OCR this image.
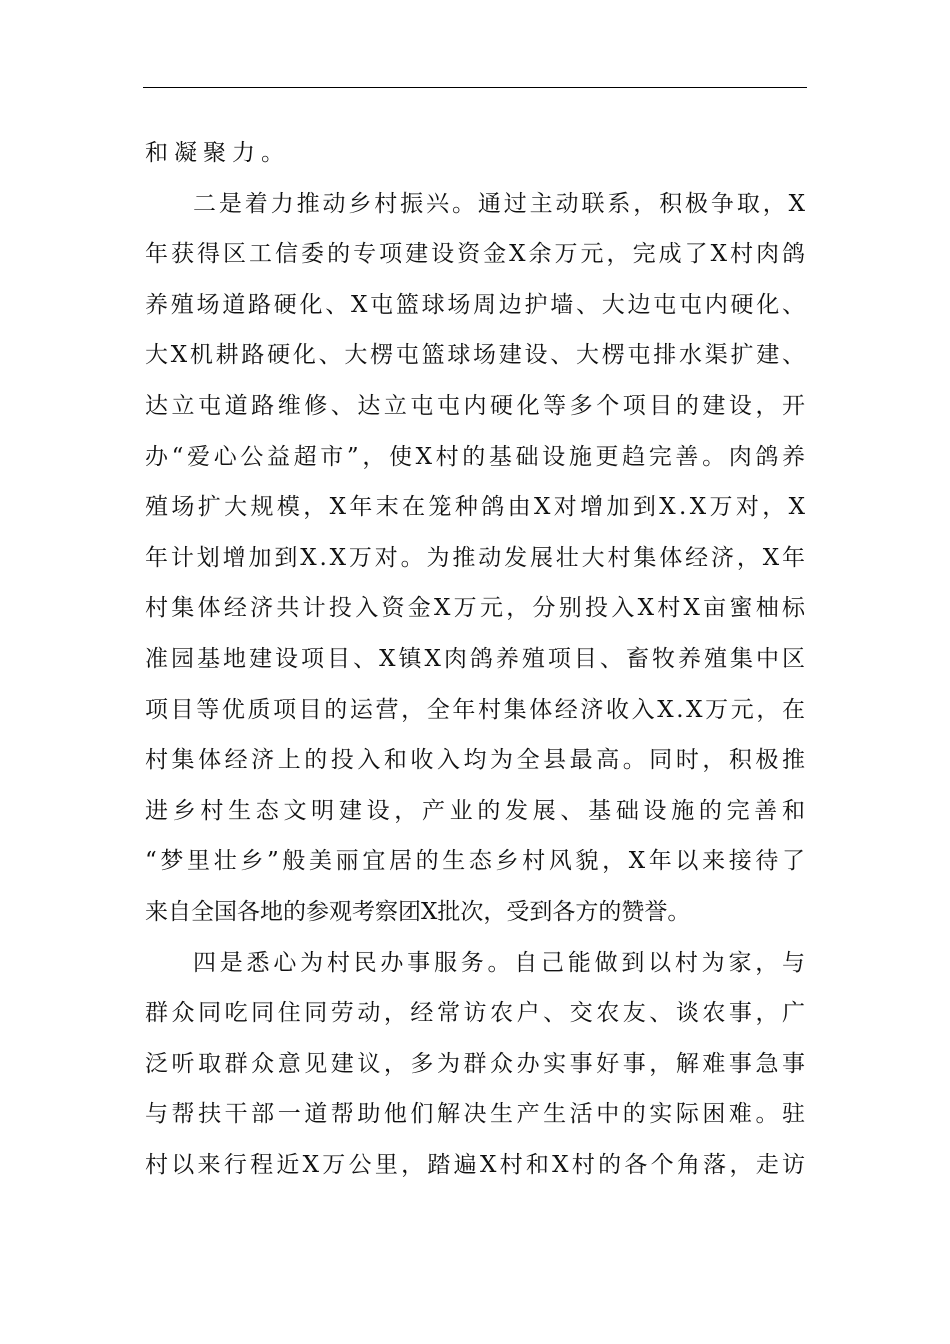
和凝聚力。
二是着力推动乡村振兴。通过主动联系，积极争取，X
年获得区工信委的专项建设资金X余万元，完成了X村肉鸽
养殖场道路硬化、X屯篮球场周边护墙、大边屯屯内硬化、
大X机耕路硬化、大楞屯篮球场建设、大楞屯排水渠扩建、
达立屯道路维修、达立屯屯内硬化等多个项目的建设，开
办“爱心公益超市”，使X村的基础设施更趋完善。肉鸽养
殖场扩大规模，X年末在笼种鸽由X对增加到X.X万对，X
年计划增加到X.X万对。为推动发展壮大村集体经济，X年
村集体经济共计投入资金X万元，分别投入X村X亩蜜柚标
准园基地建设项目、X镇X肉鸽养殖项目、畜牧养殖集中区
项目等优质项目的运营，全年村集体经济收入X.X万元，在
村集体经济上的投入和收入均为全县最高。同时，积极推
进乡村生态文明建设，产业的发展、基础设施的完善和
“梦里壮乡”般美丽宜居的生态乡村风貌，X年以来接待了
来自全国各地的参观考察团X批次，受到各方的赞誉。
四是悉心为村民办事服务。自己能做到以村为家，与
群众同吃同住同劳动，经常访农户、交农友、谈农事，广
泛听取群众意见建议，多为群众办实事好事，解难事急事
与帮扶干部一道帮助他们解决生产生活中的实际困难。驻
村以来行程近X万公里，踏遍X村和X村的各个角落，走访
